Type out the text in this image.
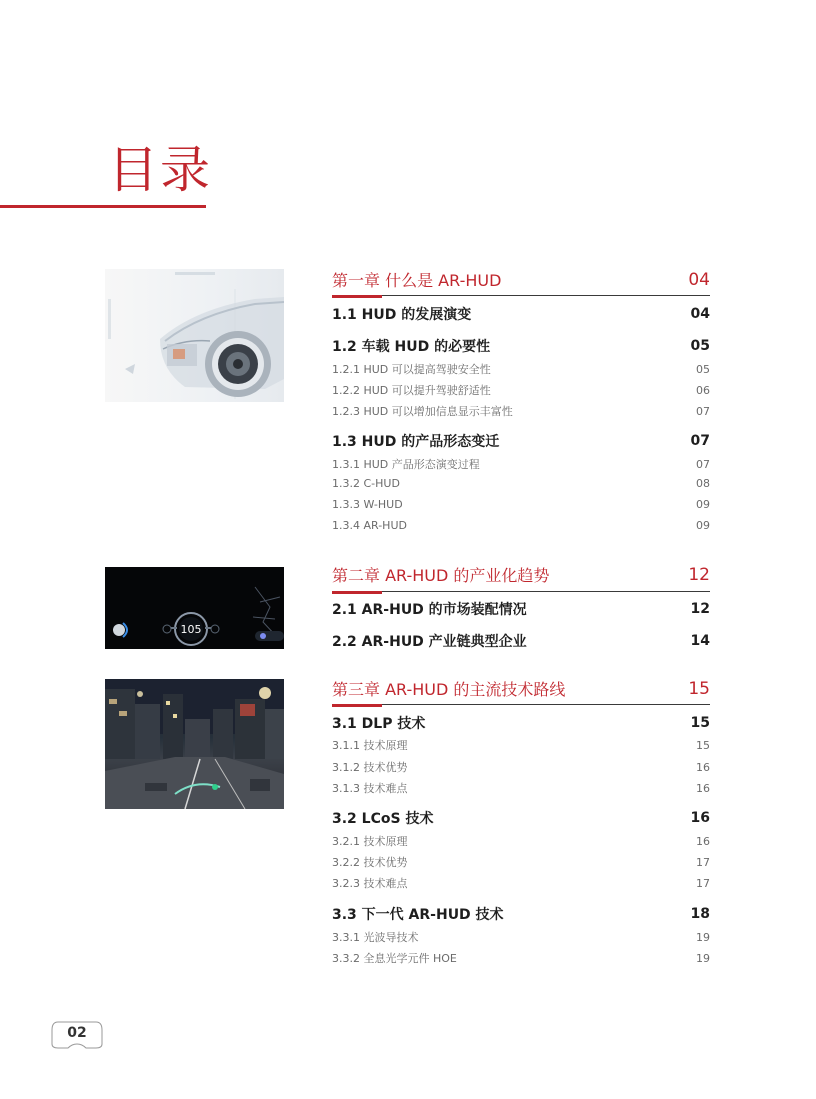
目录
105
第一章 什么是 AR-HUD	04
1.1 HUD 的发展演变	04
1.2 车载 HUD 的必要性	05
1.2.1 HUD 可以提高驾驶安全性	05
1.2.2 HUD 可以提升驾驶舒适性	06
1.2.3 HUD 可以增加信息显示丰富性	07
1.3 HUD 的产品形态变迁	07
1.3.1 HUD 产品形态演变过程	07
1.3.2 C-HUD	08
1.3.3 W-HUD	09
1.3.4 AR-HUD	09
第二章 AR-HUD 的产业化趋势	12
2.1 AR-HUD 的市场装配情况	12
2.2 AR-HUD 产业链典型企业	14
第三章 AR-HUD 的主流技术路线	15
3.1 DLP 技术	15
3.1.1 技术原理	15
3.1.2 技术优势	16
3.1.3 技术难点	16
3.2 LCoS 技术	16
3.2.1 技术原理	16
3.2.2 技术优势	17
3.2.3 技术难点	17
3.3 下一代 AR-HUD 技术	18
3.3.1 光波导技术	19
3.3.2 全息光学元件 HOE	19
02
